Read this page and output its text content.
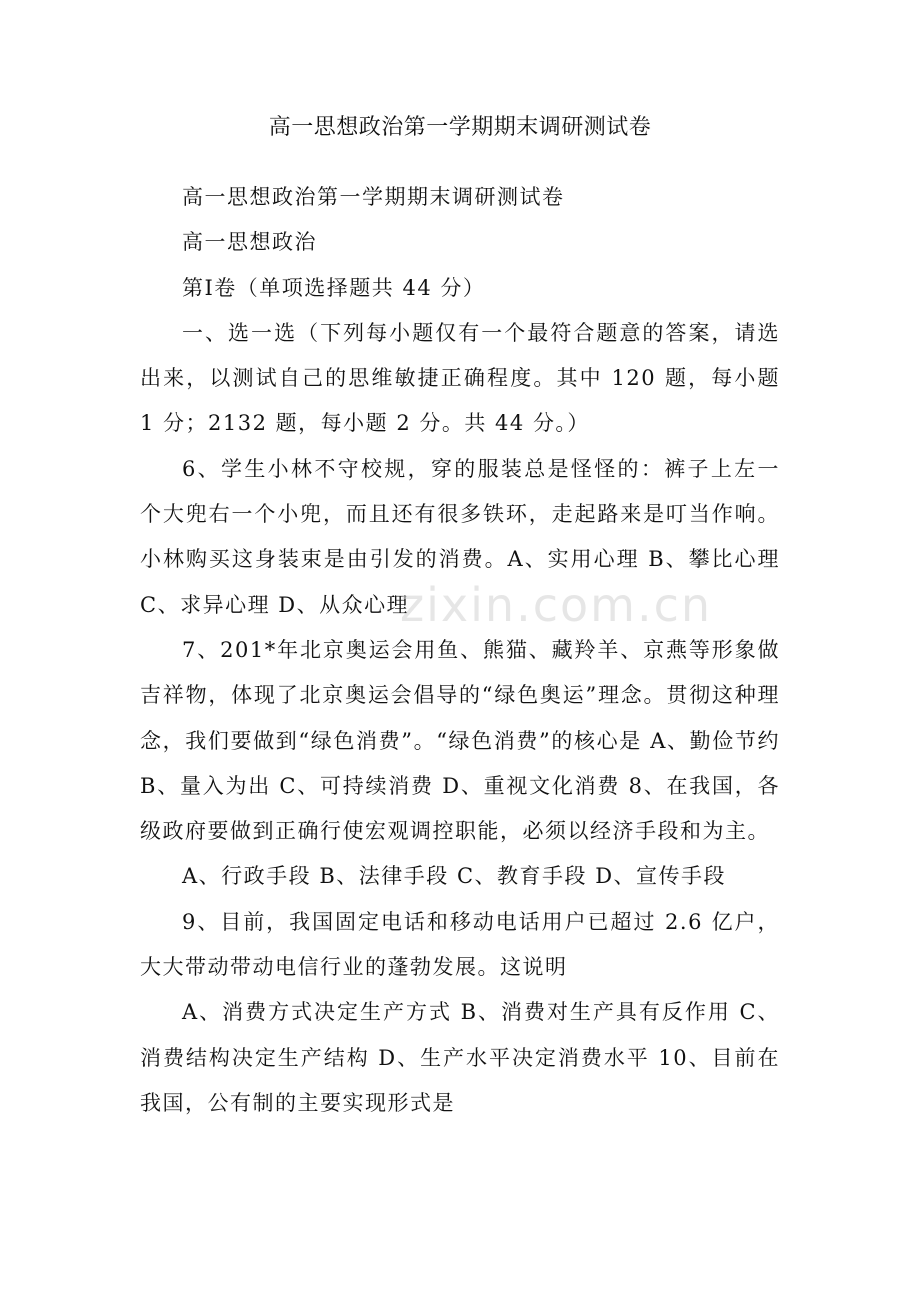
高一思想政治第一学期期末调研测试卷

高一思想政治第一学期期末调研测试卷

高一思想政治

第Ⅰ卷（单项选择题共 44 分）

一、选一选（下列每小题仅有一个最符合题意的答案，请选出来，以测试自己的思维敏捷正确程度。其中 120 题，每小题 1 分；2132 题，每小题 2 分。共 44 分。）

6、学生小林不守校规，穿的服装总是怪怪的：裤子上左一个大兜右一个小兜，而且还有很多铁环，走起路来是叮当作响。小林购买这身装束是由引发的消费。A、实用心理 B、攀比心理 C、求异心理 D、从众心理

7、201*年北京奥运会用鱼、熊猫、藏羚羊、京燕等形象做吉祥物，体现了北京奥运会倡导的“绿色奥运”理念。贯彻这种理念，我们要做到“绿色消费”。“绿色消费”的核心是 A、勤俭节约 B、量入为出 C、可持续消费 D、重视文化消费 8、在我国，各级政府要做到正确行使宏观调控职能，必须以经济手段和为主。

A、行政手段 B、法律手段 C、教育手段 D、宣传手段

9、目前，我国固定电话和移动电话用户已超过 2.6 亿户，大大带动带动电信行业的蓬勃发展。这说明

A、消费方式决定生产方式 B、消费对生产具有反作用 C、消费结构决定生产结构 D、生产水平决定消费水平 10、目前在我国，公有制的主要实现形式是

zixin.com.cn
